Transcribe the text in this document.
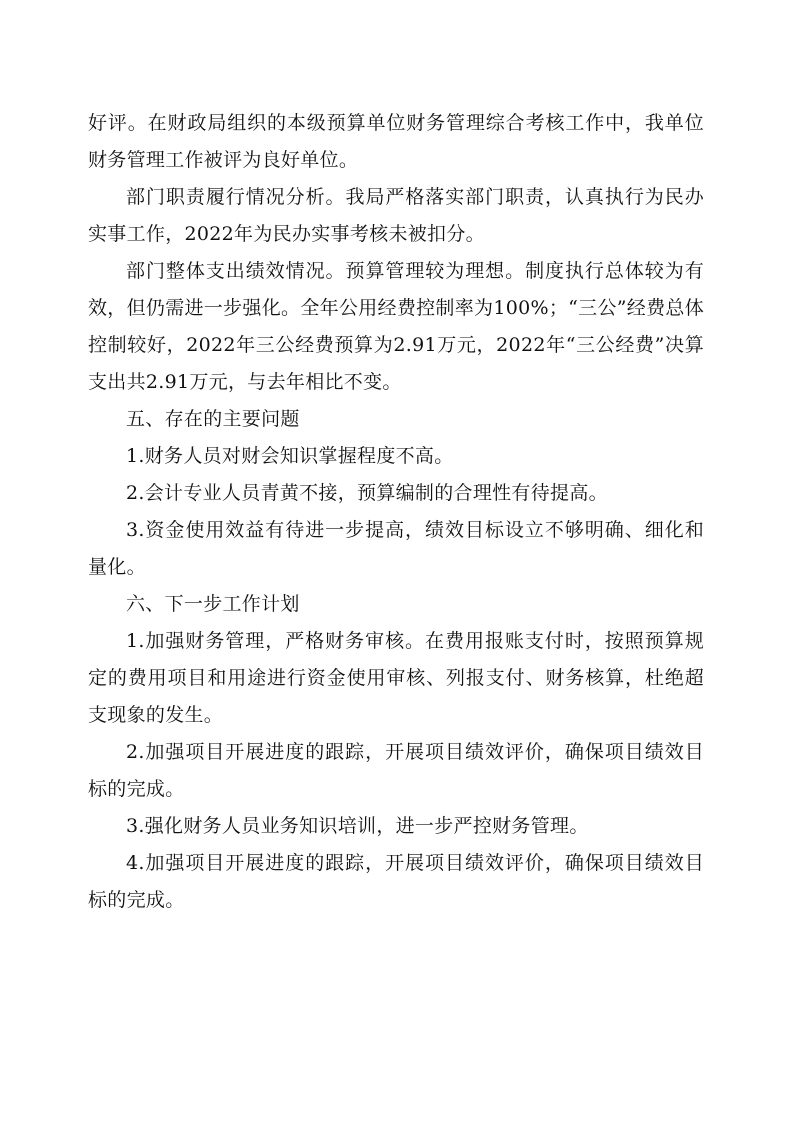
好评。在财政局组织的本级预算单位财务管理综合考核工作中，我单位财务管理工作被评为良好单位。

部门职责履行情况分析。我局严格落实部门职责，认真执行为民办实事工作，2022年为民办实事考核未被扣分。

部门整体支出绩效情况。预算管理较为理想。制度执行总体较为有效，但仍需进一步强化。全年公用经费控制率为100%；“三公”经费总体控制较好，2022年三公经费预算为2.91万元，2022年“三公经费”决算支出共2.91万元，与去年相比不变。

五、存在的主要问题

1.财务人员对财会知识掌握程度不高。

2.会计专业人员青黄不接，预算编制的合理性有待提高。

3.资金使用效益有待进一步提高，绩效目标设立不够明确、细化和量化。

六、下一步工作计划

1.加强财务管理，严格财务审核。在费用报账支付时，按照预算规定的费用项目和用途进行资金使用审核、列报支付、财务核算，杜绝超支现象的发生。

2.加强项目开展进度的跟踪，开展项目绩效评价，确保项目绩效目标的完成。

3.强化财务人员业务知识培训，进一步严控财务管理。

4.加强项目开展进度的跟踪，开展项目绩效评价，确保项目绩效目标的完成。
